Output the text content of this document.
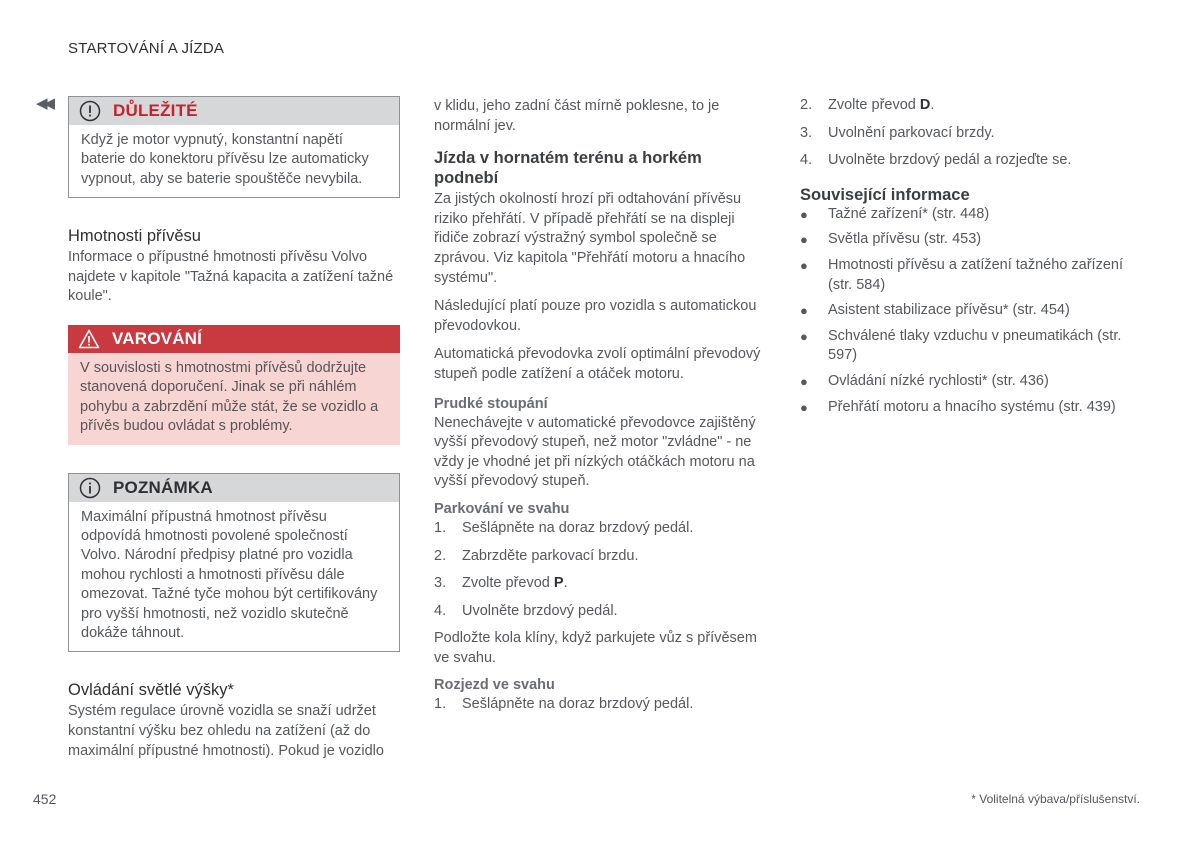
STARTOVÁNÍ A JÍZDA
◀◀	DŮLEŽITÉ
Když je motor vypnutý, konstantní napětí baterie do konektoru přívěsu lze automaticky vypnout, aby se baterie spouštěče nevybila.
Hmotnosti přívěsu

Informace o přípustné hmotnosti přívěsu Volvo najdete v kapitole "Tažná kapacita a zatížení tažné koule".

VAROVÁNÍ
V souvislosti s hmotnostmi přívěsů dodržujte stanovená doporučení. Jinak se při náhlém pohybu a zabrzdění může stát, že se vozidlo a přívěs budou ovládat s problémy.
POZNÁMKA
Maximální přípustná hmotnost přívěsu odpovídá hmotnosti povolené společností Volvo. Národní předpisy platné pro vozidla mohou rychlosti a hmotnosti přívěsu dále omezovat. Tažné tyče mohou být certifikovány pro vyšší hmotnosti, než vozidlo skutečně dokáže táhnout.
Ovládání světlé výšky*

Systém regulace úrovně vozidla se snaží udržet konstantní výšku bez ohledu na zatížení (až do maximální přípustné hmotnosti). Pokud je vozidlo

v klidu, jeho zadní část mírně poklesne, to je normální jev.

Jízda v hornatém terénu a horkém podnebí

Za jistých okolností hrozí při odtahování přívěsu riziko přehřátí. V případě přehřátí se na displeji řidiče zobrazí výstražný symbol společně se zprávou. Viz kapitola "Přehřátí motoru a hnacího systému".

Následující platí pouze pro vozidla s automatickou převodovkou.

Automatická převodovka zvolí optimální převodový stupeň podle zatížení a otáček motoru.

Prudké stoupání

Nenechávejte v automatické převodovce zajištěný vyšší převodový stupeň, než motor "zvládne" - ne vždy je vhodné jet při nízkých otáčkách motoru na vyšší převodový stupeň.

Parkování ve svahu
1.	Sešlápněte na doraz brzdový pedál.
2.	Zabrzděte parkovací brzdu.
3.	Zvolte převod P.
4.	Uvolněte brzdový pedál.

Podložte kola klíny, když parkujete vůz s přívěsem ve svahu.

Rozjezd ve svahu
1.	Sešlápněte na doraz brzdový pedál.
2.	Zvolte převod D.
3.	Uvolnění parkovací brzdy.
4.	Uvolněte brzdový pedál a rozjeďte se.
Související informace
●	Tažné zařízení* (str. 448)
●	Světla přívěsu (str. 453)
●	Hmotnosti přívěsu a zatížení tažného zařízení (str. 584)
●	Asistent stabilizace přívěsu* (str. 454)
●	Schválené tlaky vzduchu v pneumatikách (str. 597)
●	Ovládání nízké rychlosti* (str. 436)
●	Přehřátí motoru a hnacího systému (str. 439)
452	* Volitelná výbava/příslušenství.
